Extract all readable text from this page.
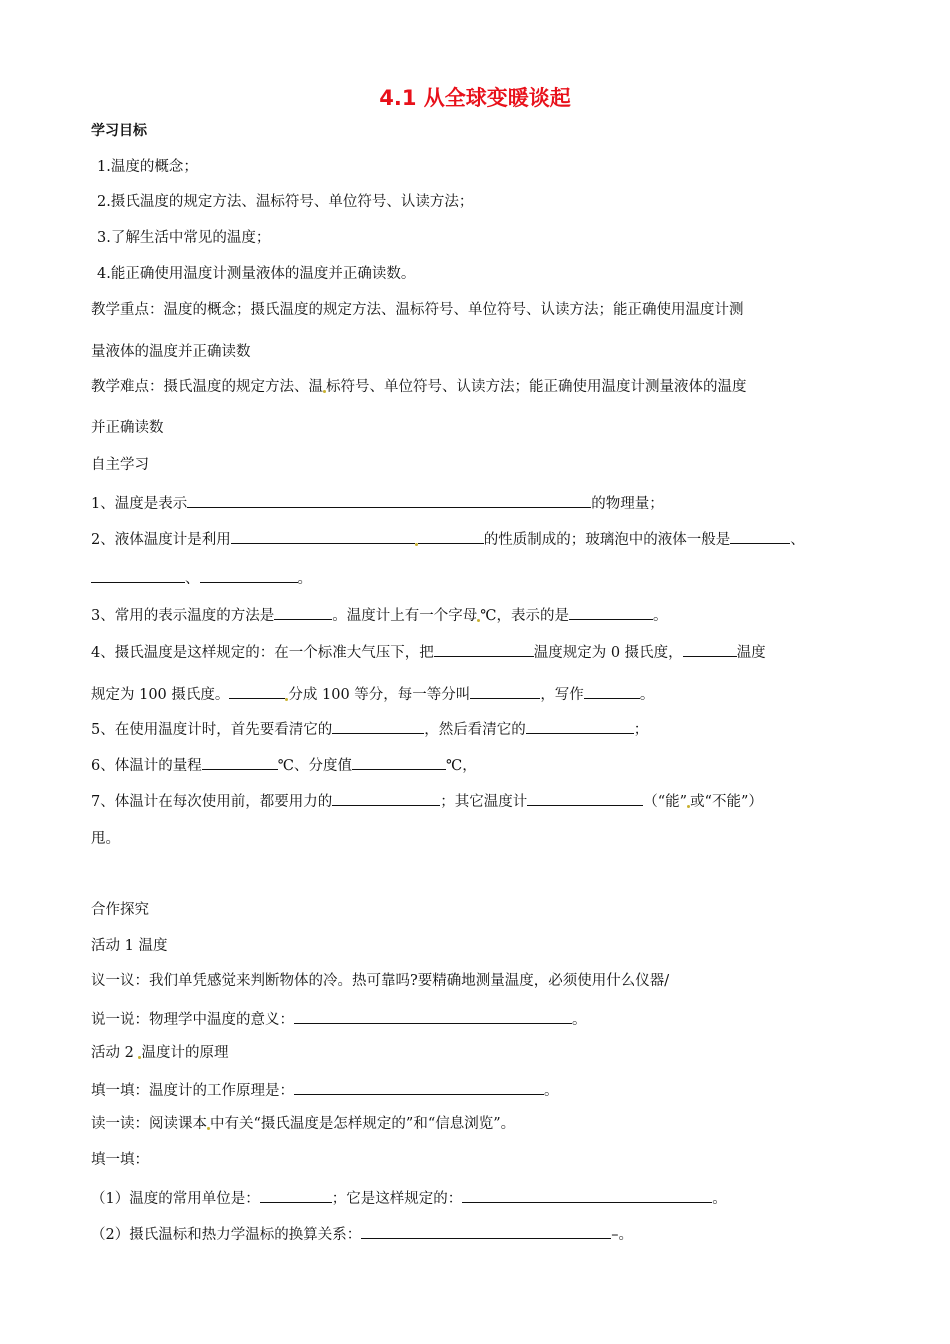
4.1 从全球变暖谈起
学习目标
1.温度的概念；
2.摄氏温度的规定方法、温标符号、单位符号、认读方法；
3.了解生活中常见的温度；
4.能正确使用温度计测量液体的温度并正确读数。
教学重点：温度的概念；摄氏温度的规定方法、温标符号、单位符号、认读方法；能正确使用温度计测
量液体的温度并正确读数
教学难点：摄氏温度的规定方法、温 标符号、单位符号、认读方法；能正确使用温度计测量液体的温度
并正确读数
自主学习
1、温度是表示	的物理量；
2、液体温度计是利用	的性质制成的；玻璃泡中的液体一般是	、
、	。
3、常用的表示温度的方法是	。温度计上有一个字母 ℃，表示的是	。
4、摄氏温度是这样规定的：在一个标准大气压下，把	温度规定为 0 摄氏度，	温度
规定为 100 摄氏度。	分成 100 等分，每一等分叫	，写作	。
5、在使用温度计时，首先要看清它的	，然后看清它的	；
6、体温计的量程	℃、分度值	℃，
7、体温计在每次使用前，都要用力的	；其它温度计	（“能” 或“不能”）
甩。
合作探究
活动 1 温度
议一议：我们单凭感觉来判断物体的冷。热可靠吗?要精确地测量温度，必须使用什么仪器/
说一说：物理学中温度的意义：	。
活动 2 温度计的原理
填一填：温度计的工作原理是：	。
读一读：阅读课本 中有关“摄氏温度是怎样规定的”和“信息浏览”。
填一填：
（1）温度的常用单位是：	；它是这样规定的：	。
（2）摄氏温标和热力学温标的换算关系：	–。
